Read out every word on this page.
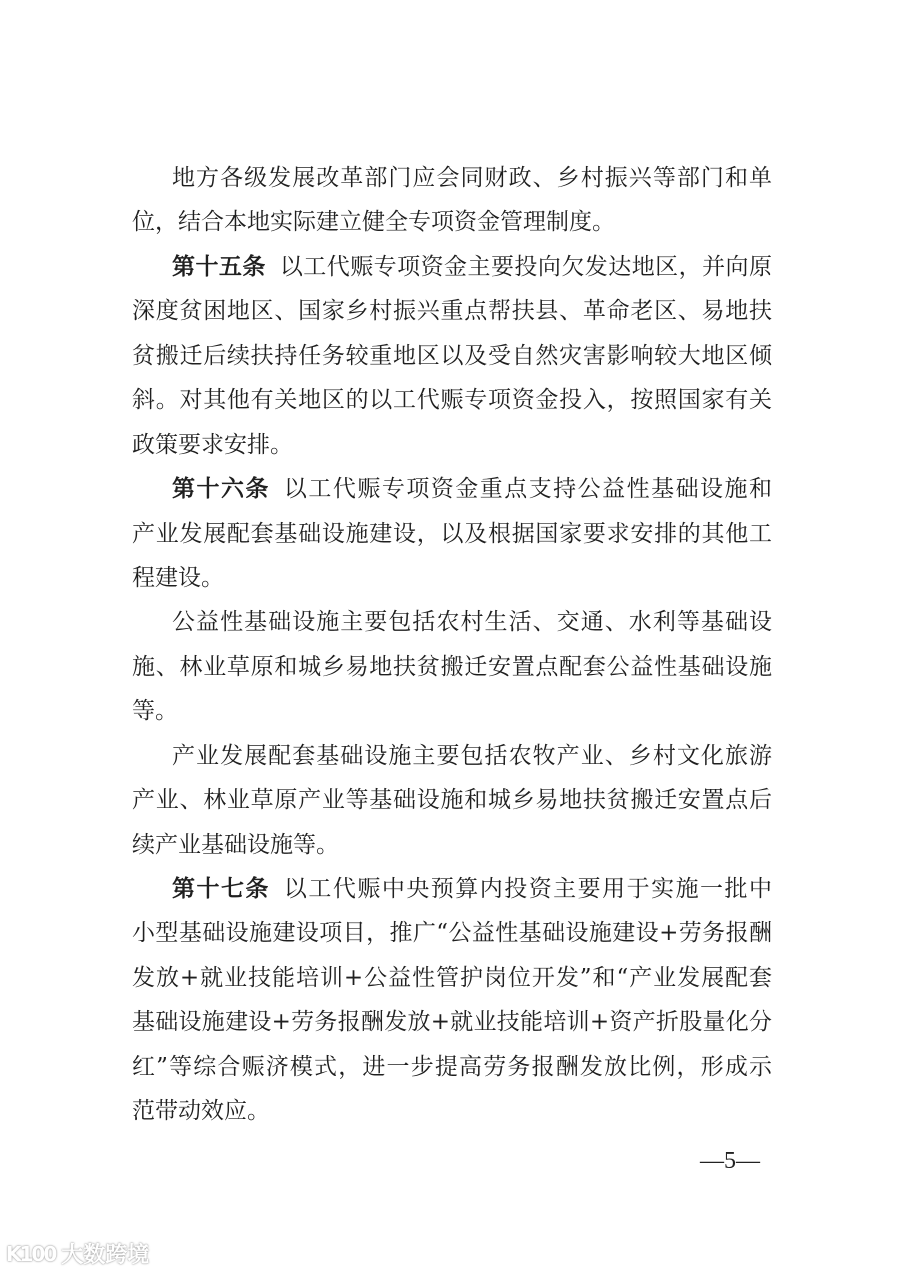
地方各级发展改革部门应会同财政、乡村振兴等部门和单
位，结合本地实际建立健全专项资金管理制度。
第十五条 以工代赈专项资金主要投向欠发达地区，并向原
深度贫困地区、国家乡村振兴重点帮扶县、革命老区、易地扶
贫搬迁后续扶持任务较重地区以及受自然灾害影响较大地区倾
斜。对其他有关地区的以工代赈专项资金投入，按照国家有关
政策要求安排。
第十六条 以工代赈专项资金重点支持公益性基础设施和
产业发展配套基础设施建设，以及根据国家要求安排的其他工
程建设。
公益性基础设施主要包括农村生活、交通、水利等基础设
施、林业草原和城乡易地扶贫搬迁安置点配套公益性基础设施
等。
产业发展配套基础设施主要包括农牧产业、乡村文化旅游
产业、林业草原产业等基础设施和城乡易地扶贫搬迁安置点后
续产业基础设施等。
第十七条 以工代赈中央预算内投资主要用于实施一批中
小型基础设施建设项目，推广“公益性基础设施建设+劳务报酬
发放+就业技能培训+公益性管护岗位开发”和“产业发展配套
基础设施建设+劳务报酬发放+就业技能培训+资产折股量化分
红”等综合赈济模式，进一步提高劳务报酬发放比例，形成示
范带动效应。
—5—
K100 大数跨境
